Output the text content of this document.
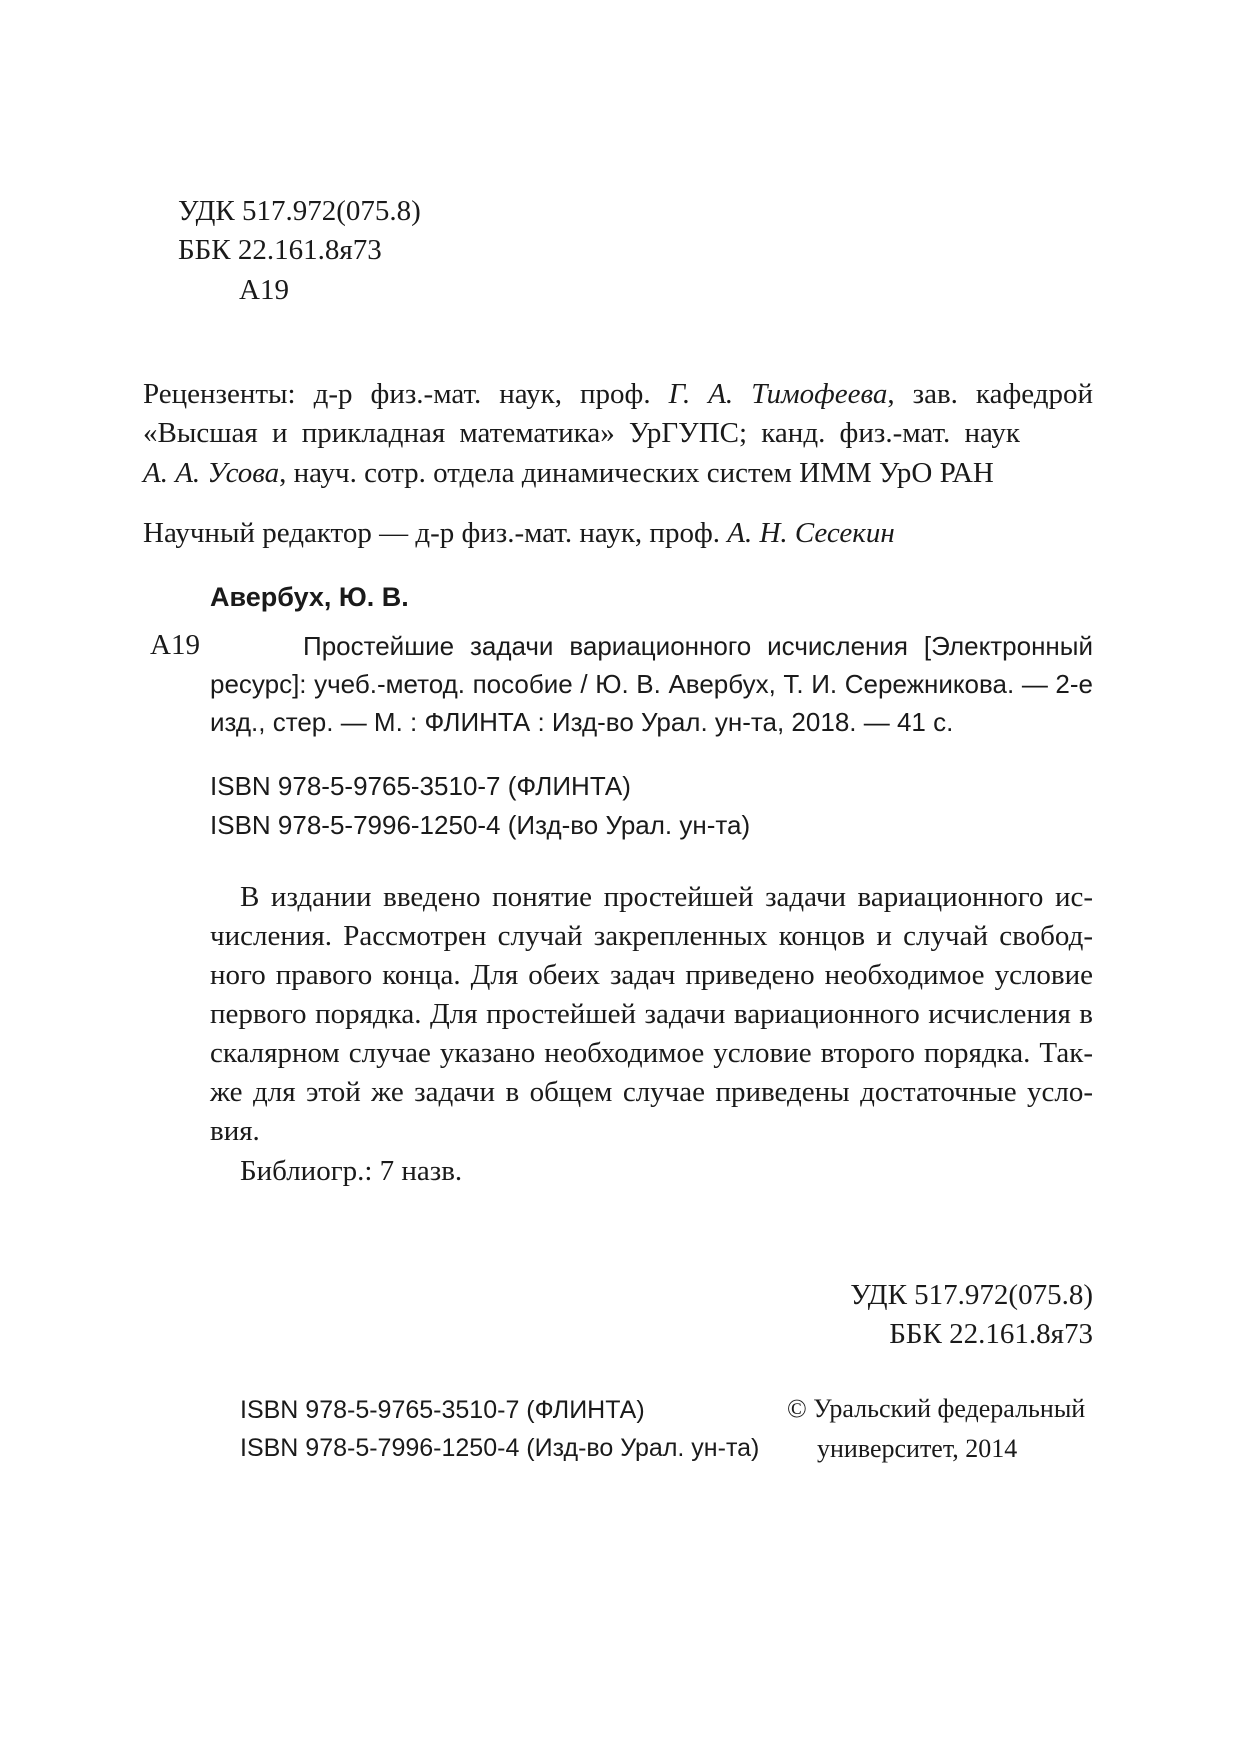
УДК 517.972(075.8)
ББК 22.161.8я73
А19
Рецензенты: д-р физ.-мат. наук, проф. Г. А. Тимофеева, зав. кафедрой
«Высшая и прикладная математика» УрГУПС; канд. физ.-мат. наук
А. А. Усова, науч. сотр. отдела динамических систем ИММ УрО РАН
Научный редактор — д-р физ.-мат. наук, проф. А. Н. Сесекин
Авербух, Ю. В.
А19	Простейшие задачи вариационного исчисления [Электронный
ресурс]: учеб.-метод. пособие / Ю. В. Авербух, Т. И. Сережникова. — 2-е
изд., стер. — М. : ФЛИНТА : Изд-во Урал. ун-та, 2018. — 41 с.
ISBN 978-5-9765-3510-7 (ФЛИНТА)
ISBN 978-5-7996-1250-4 (Изд-во Урал. ун-та)
В издании введено понятие простейшей задачи вариационного ис-
числения. Рассмотрен случай закрепленных концов и случай свобод-
ного правого конца. Для обеих задач приведено необходимое условие
первого порядка. Для простейшей задачи вариационного исчисления в
скалярном случае указано необходимое условие второго порядка. Так-
же для этой же задачи в общем случае приведены достаточные усло-
вия.
Библиогр.: 7 назв.
УДК 517.972(075.8)
ББК 22.161.8я73
ISBN 978-5-9765-3510-7 (ФЛИНТА)
ISBN 978-5-7996-1250-4 (Изд-во Урал. ун-та)
© Уральский федеральный
университет, 2014
